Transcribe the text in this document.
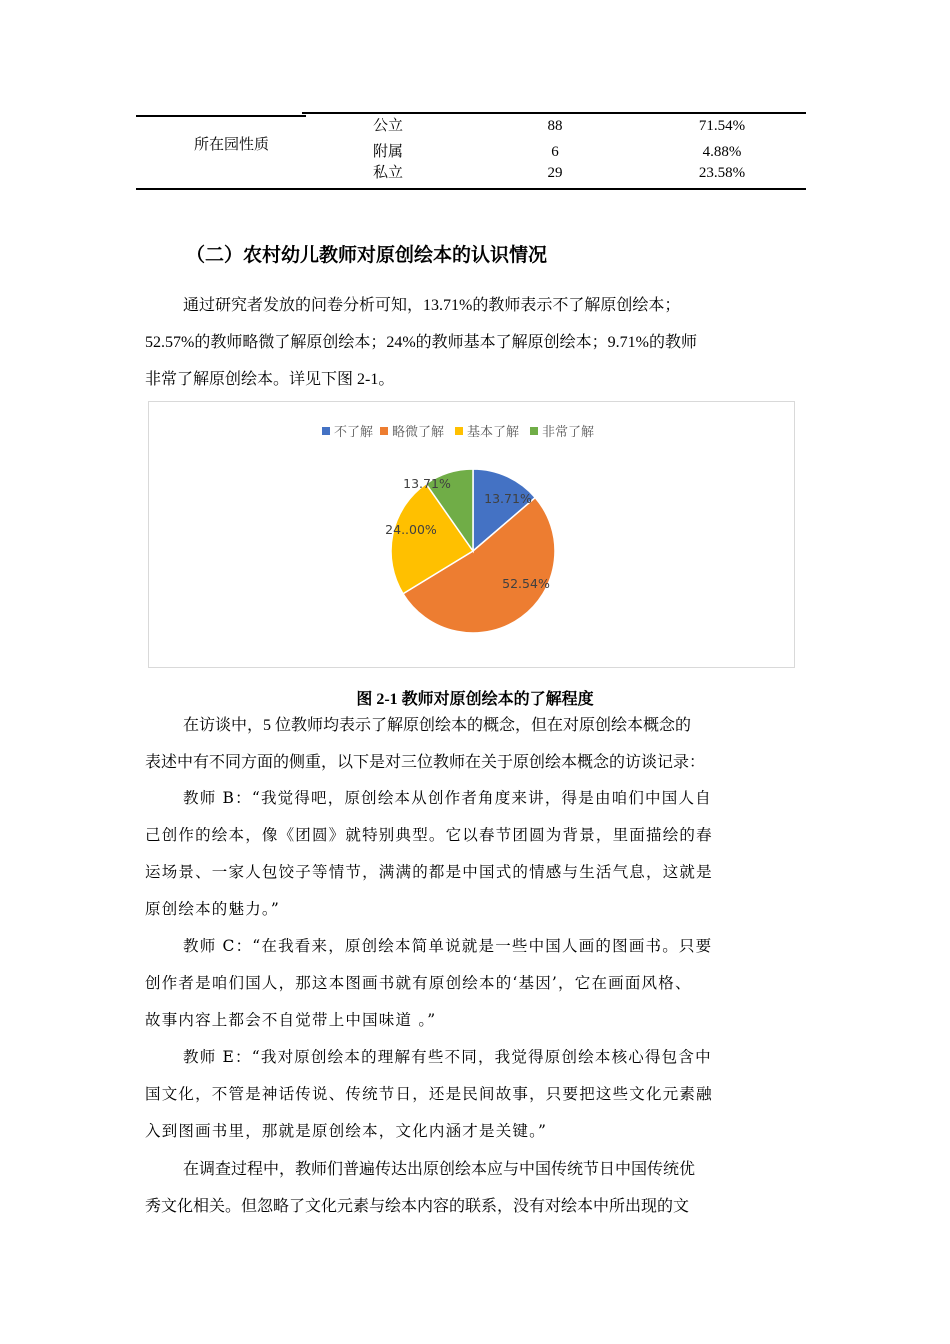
所在园性质
公立	88	71.54%
附属	6	4.88%
私立	29	23.58%
（二）农村幼儿教师对原创绘本的认识情况
通过研究者发放的问卷分析可知，13.71%的教师表示不了解原创绘本；
52.57%的教师略微了解原创绘本；24%的教师基本了解原创绘本；9.71%的教师
非常了解原创绘本。详见下图 2-1。
不了解 略微了解 基本了解 非常了解
13.71%
52.54%
24..00%
13.71%
图 2-1 教师对原创绘本的了解程度
在访谈中，5 位教师均表示了解原创绘本的概念，但在对原创绘本概念的
表述中有不同方面的侧重，以下是对三位教师在关于原创绘本概念的访谈记录：
教师 B：“我觉得吧，原创绘本从创作者角度来讲，得是由咱们中国人自
己创作的绘本，像《团圆》就特别典型。它以春节团圆为背景，里面描绘的春
运场景、一家人包饺子等情节，满满的都是中国式的情感与生活气息，这就是
原创绘本的魅力。”
教师 C：“在我看来，原创绘本简单说就是一些中国人画的图画书。只要
创作者是咱们国人，那这本图画书就有原创绘本的‘基因’，它在画面风格、
故事内容上都会不自觉带上中国味道 。”
教师 E：“我对原创绘本的理解有些不同，我觉得原创绘本核心得包含中
国文化，不管是神话传说、传统节日，还是民间故事，只要把这些文化元素融
入到图画书里，那就是原创绘本，文化内涵才是关键。”
在调查过程中，教师们普遍传达出原创绘本应与中国传统节日中国传统优
秀文化相关。但忽略了文化元素与绘本内容的联系，没有对绘本中所出现的文
